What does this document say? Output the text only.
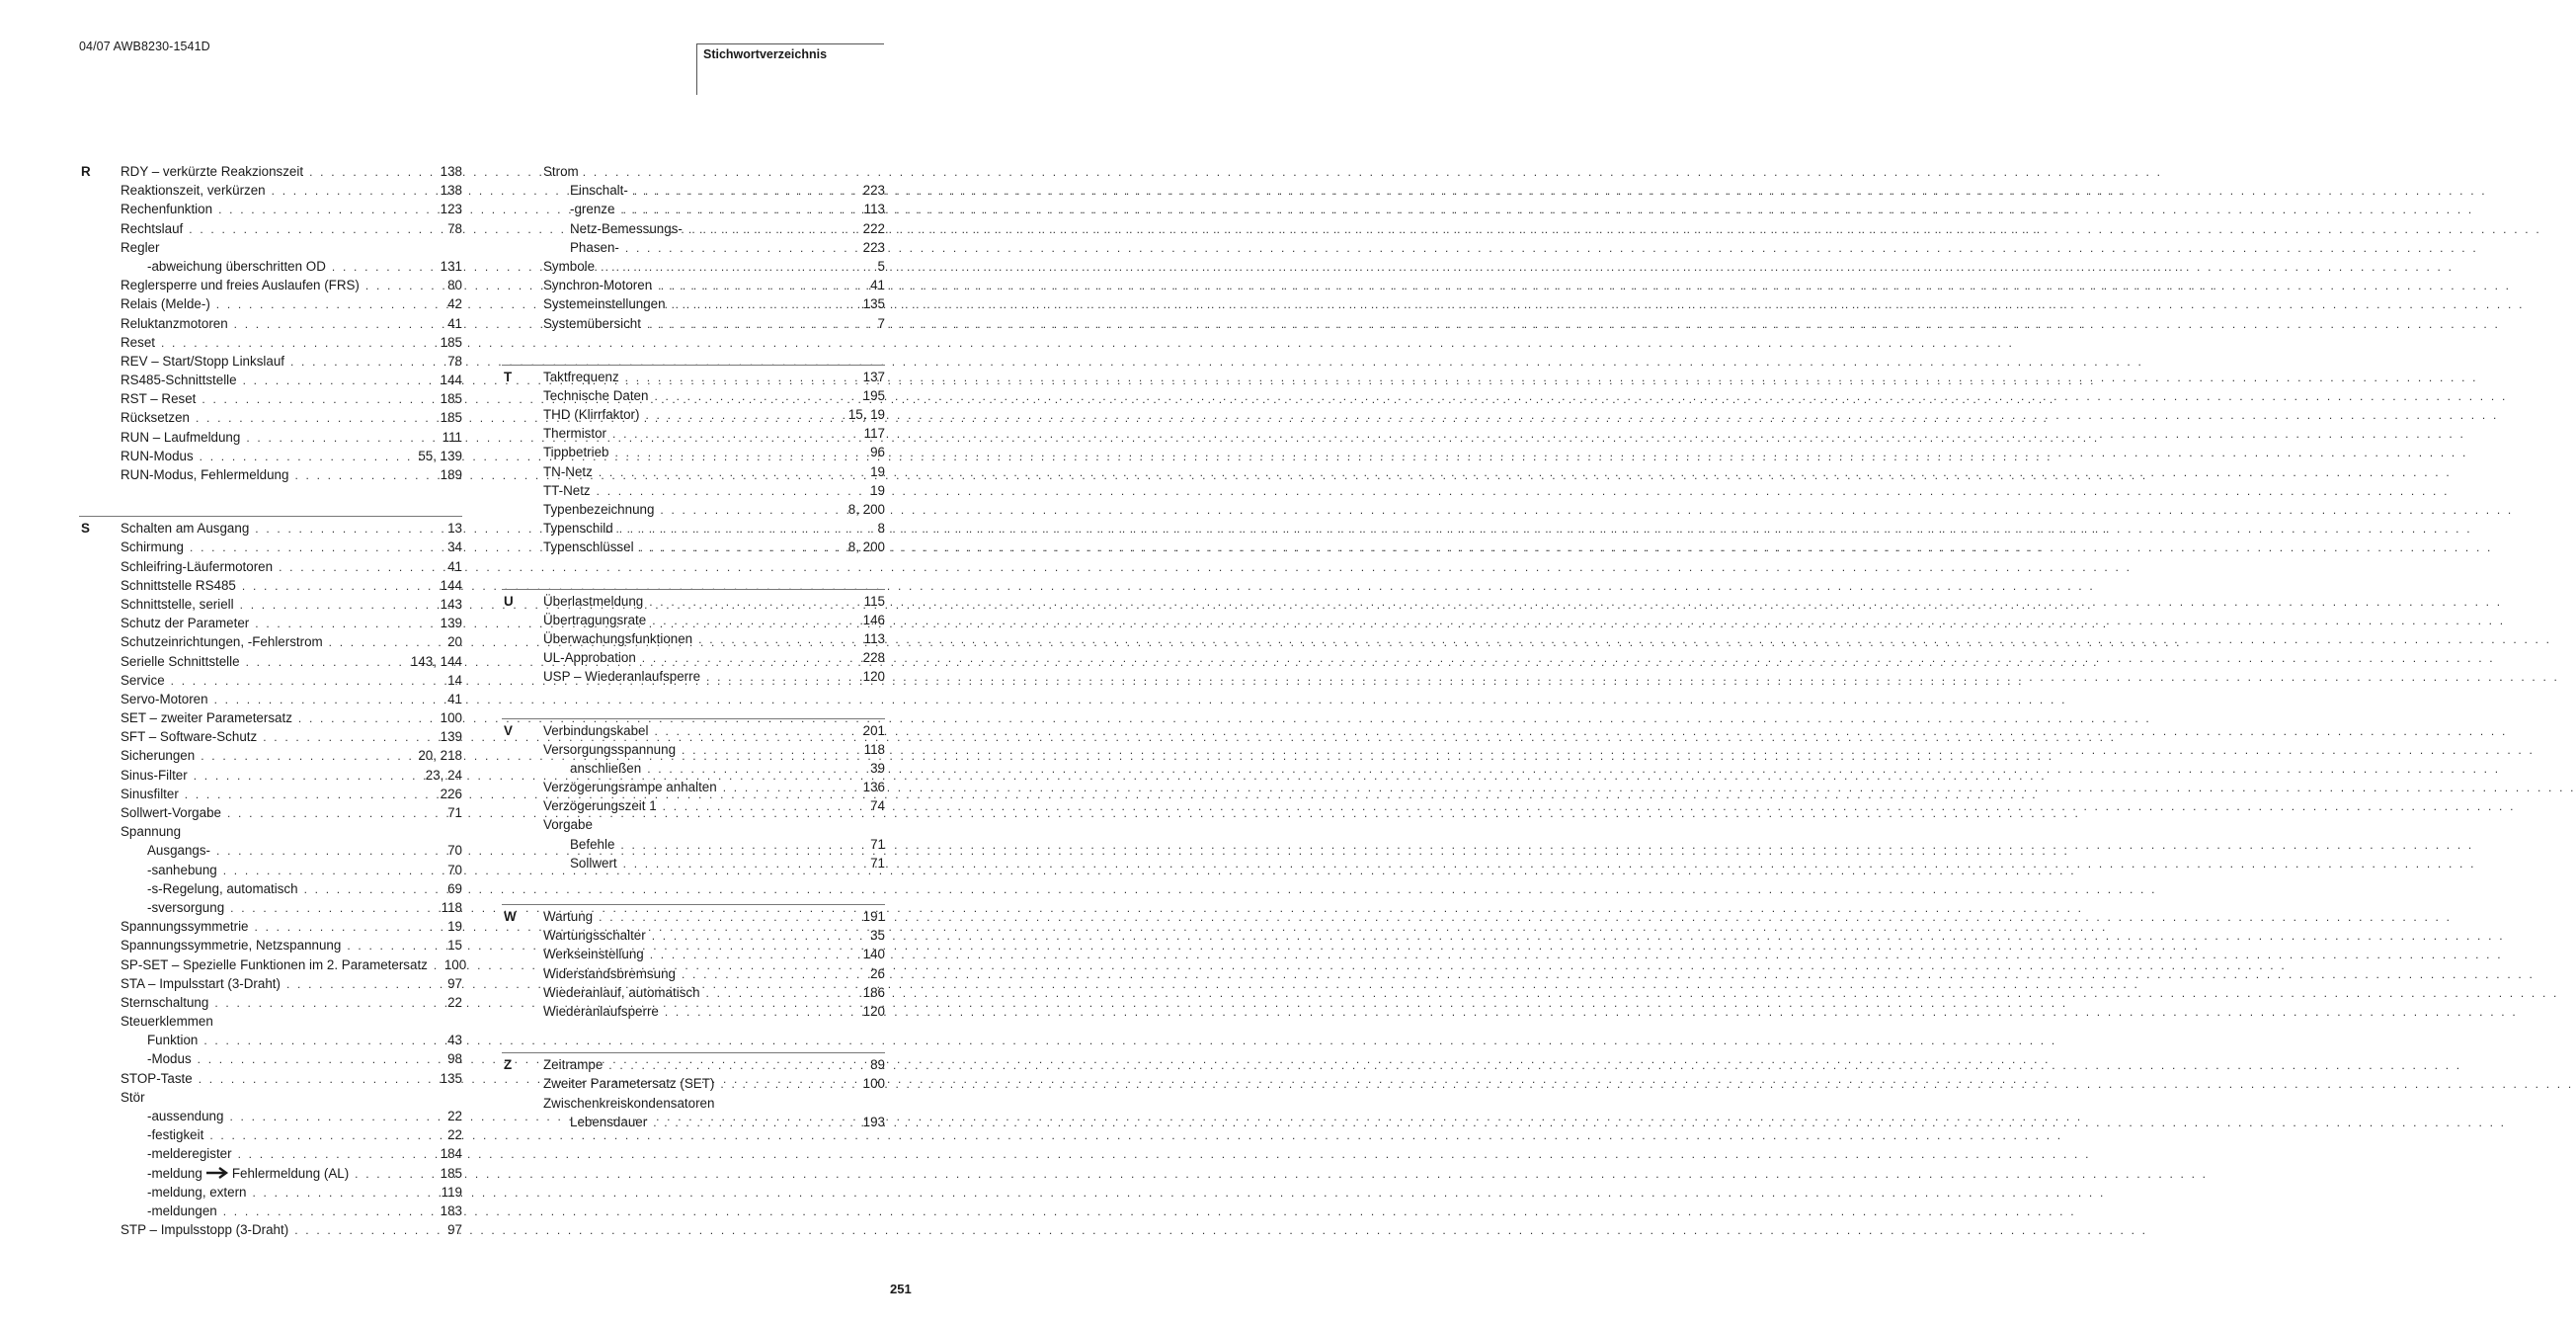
04/07 AWB8230-1541D
Stichwortverzeichnis
R RDY – verkürzte Reakzionszeit . . .	138
Reaktionszeit, verkürzen . . .	138
Rechenfunktion . . .	123
Rechtslauf . . .	78
Regler
-abweichung überschritten OD . . .	131
Reglersperre und freies Auslaufen (FRS) . . .	80
Relais (Melde-) . . .	42
Reluktanzmotoren . . .	41
Reset . . .	185
REV – Start/Stopp Linkslauf . . .	78
RS485-Schnittstelle . . .	144
RST – Reset . . .	185
Rücksetzen . . .	185
RUN – Laufmeldung . . .	111
RUN-Modus . . .	55, 139
RUN-Modus, Fehlermeldung . . .	189
S Schalten am Ausgang . . .	13
Schirmung . . .	34
Schleifring-Läufermotoren . . .	41
Schnittstelle RS485 . . .	144
Schnittstelle, seriell . . .	143
Schutz der Parameter . . .	139
Schutzeinrichtungen, -Fehlerstrom . . .	20
Serielle Schnittstelle . . .	143, 144
Service . . .	14
Servo-Motoren . . .	41
SET – zweiter Parametersatz . . .	100
SFT – Software-Schutz . . .	139
Sicherungen . . .	20, 218
Sinus-Filter . . .	23, 24
Sinusfilter . . .	226
Sollwert-Vorgabe . . .	71
Spannung
Ausgangs- . . .	70
-sanhebung . . .	70
-s-Regelung, automatisch . . .	69
-sversorgung . . .	118
Spannungssymmetrie . . .	19
Spannungssymmetrie, Netzspannung . . .	15
SP-SET – Spezielle Funktionen im 2. Parametersatz . . . 100
STA – Impulsstart (3-Draht) . . .	97
Sternschaltung . . .	22
Steuerklemmen
Funktion . . .	43
-Modus . . .	98
STOP-Taste . . .	135
Stör
-aussendung . . .	22
-festigkeit . . .	22
-melderegister . . .	184
-meldung Fehlermeldung (AL) . . .	185
-meldung, extern . . .	119
-meldungen . . .	183
STP – Impulsstopp (3-Draht) . . .	97
Strom
Einschalt- . . .	223
-grenze . . .	113
Netz-Bemessungs- . . .	222
Phasen- . . .	223
Symbole . . .	5
Synchron-Motoren . . .	41
Systemeinstellungen . . .	135
Systemübersicht . . .	7
T Taktfrequenz . . .	137
Technische Daten . . .	195
THD (Klirrfaktor) . . .	15, 19
Thermistor . . .	117
Tippbetrieb . . .	96
TN-Netz . . .	19
TT-Netz . . .	19
Typenbezeichnung . . .	8, 200
Typenschild . . .	8
Typenschlüssel . . .	8, 200
U Überlastmeldung . . .	115
Übertragungsrate . . .	146
Überwachungsfunktionen . . .	113
UL-Approbation . . .	228
USP – Wiederanlaufsperre . . .	120
V Verbindungskabel . . .	201
Versorgungsspannung . . .	118
anschließen . . .	39
Verzögerungsrampe anhalten . . .	136
Verzögerungszeit 1 . . .	74
Vorgabe
Befehle . . .	71
Sollwert . . .	71
W Wartung . . .	191
Wartungsschalter . . .	35
Werkseinstellung . . .	140
Widerstandsbremsung . . .	26
Wiederanlauf, automatisch . . .	186
Wiederanlaufsperre . . .	120
Z Zeitrampe . . .	89
Zweiter Parametersatz (SET) . . .	100
Zwischenkreiskondensatoren
Lebensdauer . . .	193
251
